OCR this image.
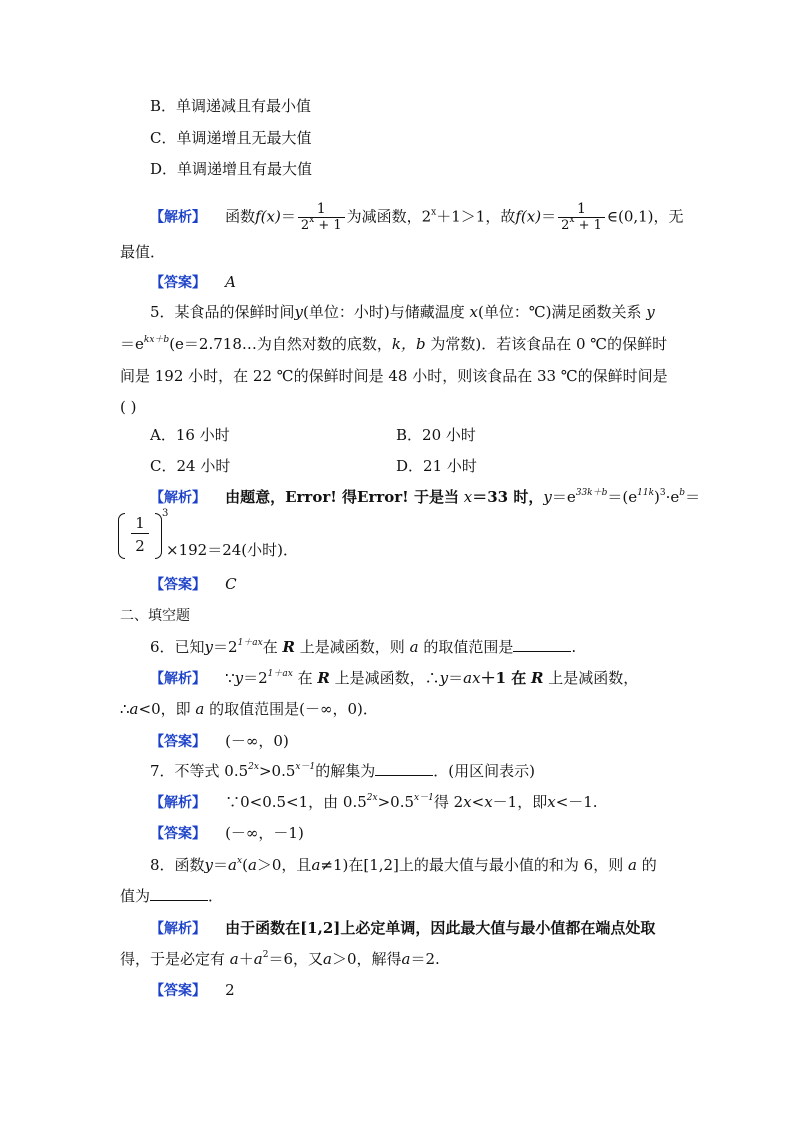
B．单调递减且有最小值
C．单调递增且无最大值
D．单调递增且有最大值
【解析】 函数$f(x)= \frac{1}{2^x + 1}$ 为减函数，$2^x+1>1$，故$f(x)= \frac{1}{2^x + 1}$ ∈(0,1)，无
最值．
【答案】 A
5．某食品的保鲜时间y(单位：小时)与储藏温度 x(单位：℃)满足函数关系 y
$=e^{kx+b}(e=2.718\dots$为自然对数的底数，k，b 为常数)．若该食品在 0 ℃的保鲜时
间是 192 小时，在 22 ℃的保鲜时间是 48 小时，则该食品在 33 ℃的保鲜时间是
( )
A．16 小时	B．20 小时
C．24 小时	D．21 小时
【解析】 由题意，Error! 得Error! 于是当 x＝33 时，$y=e^{33k+b}=(e^{11k})^3\cdot e^b=$
1
2
3
×192＝24(小时)．
【答案】 C
二、填空题
6．已知$y=2^{1+ax}$在 R 上是减函数，则 a 的取值范围是	.
【解析】 $\because y=2^{1+ax}$ 在 R 上是减函数，∴y＝ax＋1 在 R 上是减函数，
∴a<0，即 a 的取值范围是(－∞，0)．
【答案】 (－∞，0)
7．不等式 $0.5^{2x}>0.5^{x-1}$的解集为	．(用区间表示)
【解析】 ∵0<0.5<1，由 $0.5^{2x}>0.5^{x-1}$得 2x<x－1，即x<－1.
【答案】 (－∞，－1)
8．函数$y=a^x(a>0$，且a≠1)在[1,2]上的最大值与最小值的和为 6，则 a 的
值为	．
【解析】 由于函数在[1,2]上必定单调，因此最大值与最小值都在端点处取
得，于是必定有 $a+a^2=6$，又a＞0，解得a＝2.
【答案】 2
